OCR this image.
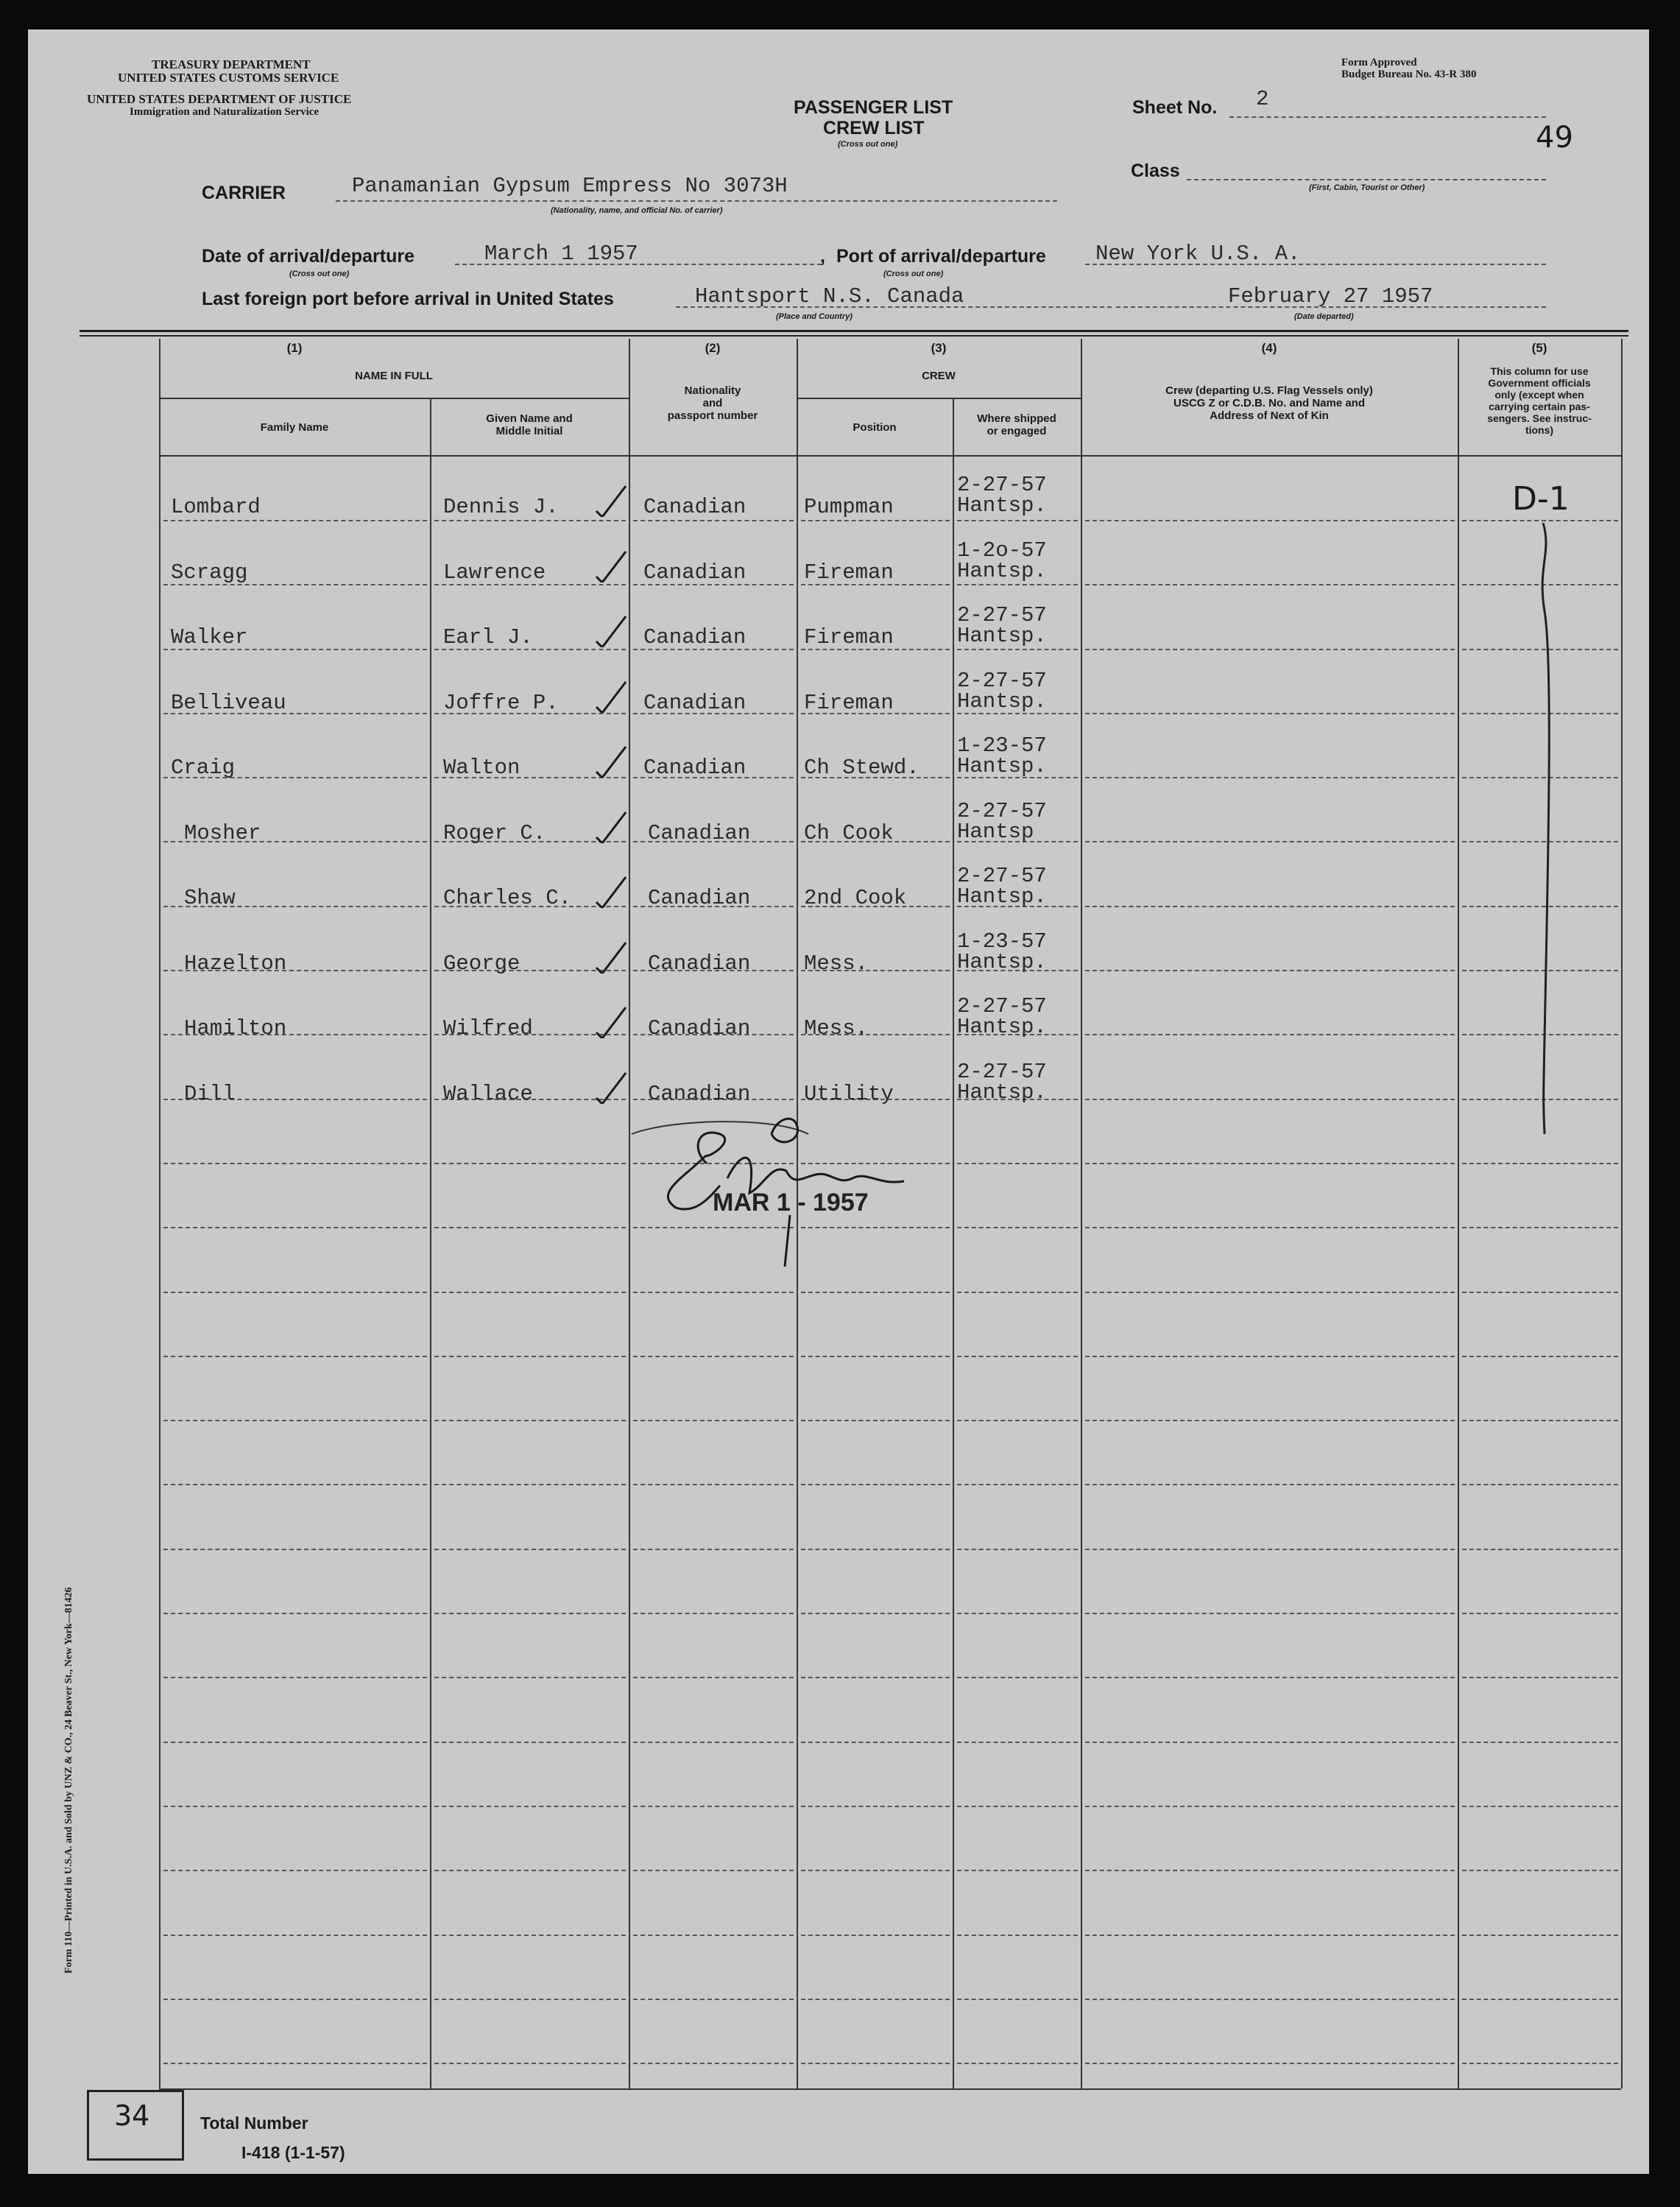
TREASURY DEPARTMENT
UNITED STATES CUSTOMS SERVICE
UNITED STATES DEPARTMENT OF JUSTICE
Immigration and Naturalization Service
Form Approved
Budget Bureau No. 43-R 380
PASSENGER LIST
CREW LIST
(Cross out one)
Sheet No. 2
49
Class
(First, Cabin, Tourist or Other)
CARRIER	Panamanian Gypsum Empress No 3073H
(Nationality, name, and official No. of carrier)
Date of arrival/departure
(Cross out one)
March 1 1957	, Port of arrival/departure
(Cross out one)
New York U.S. A.
Last foreign port before arrival in United States	Hantsport N.S. Canada
(Place and Country)
February 27 1957
(Date departed)
(1)
NAME IN FULL
Family Name
Given Name and
Middle Initial
(2)
Nationality
and
passport number
(3)
CREW
Position
Where shipped
or engaged
(4)
Crew (departing U.S. Flag Vessels only)
USCG Z or C.D.B. No. and Name and
Address of Next of Kin
(5)
This column for use
Government officials
only (except when
carrying certain pas-
sengers. See instruc-
tions)
Lombard	Dennis J.	Canadian	Pumpman
2-27-57
Hantsp.
Scragg	Lawrence	Canadian	Fireman
1-2o-57
Hantsp.
Walker	Earl J.	Canadian	Fireman
2-27-57
Hantsp.
Belliveau	Joffre P.	Canadian	Fireman
2-27-57
Hantsp.
Craig	Walton	Canadian	Ch Stewd.
1-23-57
Hantsp.
Mosher	Roger C.	Canadian	Ch Cook
2-27-57
Hantsp
Shaw	Charles C.	Canadian	2nd Cook
2-27-57
Hantsp.
Hazelton	George	Canadian	Mess.
1-23-57
Hantsp.
Hamilton	Wilfred	Canadian	Mess.
2-27-57
Hantsp.
Dill	Wallace	Canadian	Utility
2-27-57
Hantsp.
D-1
MAR 1 - 1957
34	Total Number
I-418 (1-1-57)
Form 110—Printed in U.S.A. and Sold by UNZ & CO., 24 Beaver St., New York—81426
